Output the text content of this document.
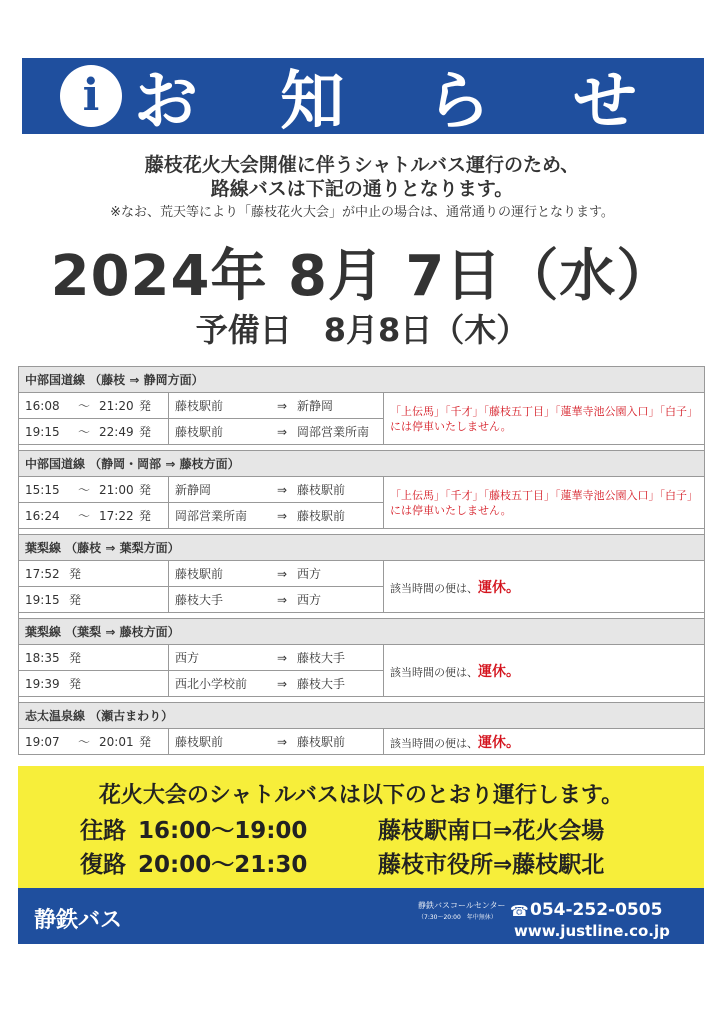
i お 知 ら せ
藤枝花火大会開催に伴うシャトルバス運行のため、
路線バスは下記の通りとなります。
※なお、荒天等により「藤枝花火大会」が中止の場合は、通常通りの運行となります。
2024年 8月 7日（水）
予備日　8月8日（木）
中部国道線 （藤枝 ⇒ 静岡方面）		
16:08 ～ 21:20 発	藤枝駅前 ⇒ 新静岡	「上伝馬」「千才」「藤枝五丁目」「蓮華寺池公園入口」「白子」には停車いたしません。
19:15 ～ 22:49 発	藤枝駅前 ⇒ 岡部営業所南	

中部国道線 （静岡・岡部 ⇒ 藤枝方面）		
15:15 ～ 21:00 発	新静岡 ⇒ 藤枝駅前	「上伝馬」「千才」「藤枝五丁目」「蓮華寺池公園入口」「白子」には停車いたしません。
16:24 ～ 17:22 発	岡部営業所南 ⇒ 藤枝駅前	

葉梨線 （藤枝 ⇒ 葉梨方面）		
17:52 発	藤枝駅前 ⇒ 西方	該当時間の便は、運休。
19:15 発	藤枝大手 ⇒ 西方	

葉梨線 （葉梨 ⇒ 藤枝方面）		
18:35 発	西方 ⇒ 藤枝大手	該当時間の便は、運休。
19:39 発	西北小学校前 ⇒ 藤枝大手	

志太温泉線 （瀬古まわり）		
19:07 ～ 20:01 発	藤枝駅前 ⇒ 藤枝駅前	該当時間の便は、運休。
花火大会のシャトルバスは以下のとおり運行します。
往路 16:00～19:00	藤枝駅南口⇒花火会場
復路 20:00～21:30	藤枝市役所⇒藤枝駅北
静鉄バス
静鉄バスコールセンター
（7:30～20:00　年中無休） ☎ 054-252-0505
www.justline.co.jp
